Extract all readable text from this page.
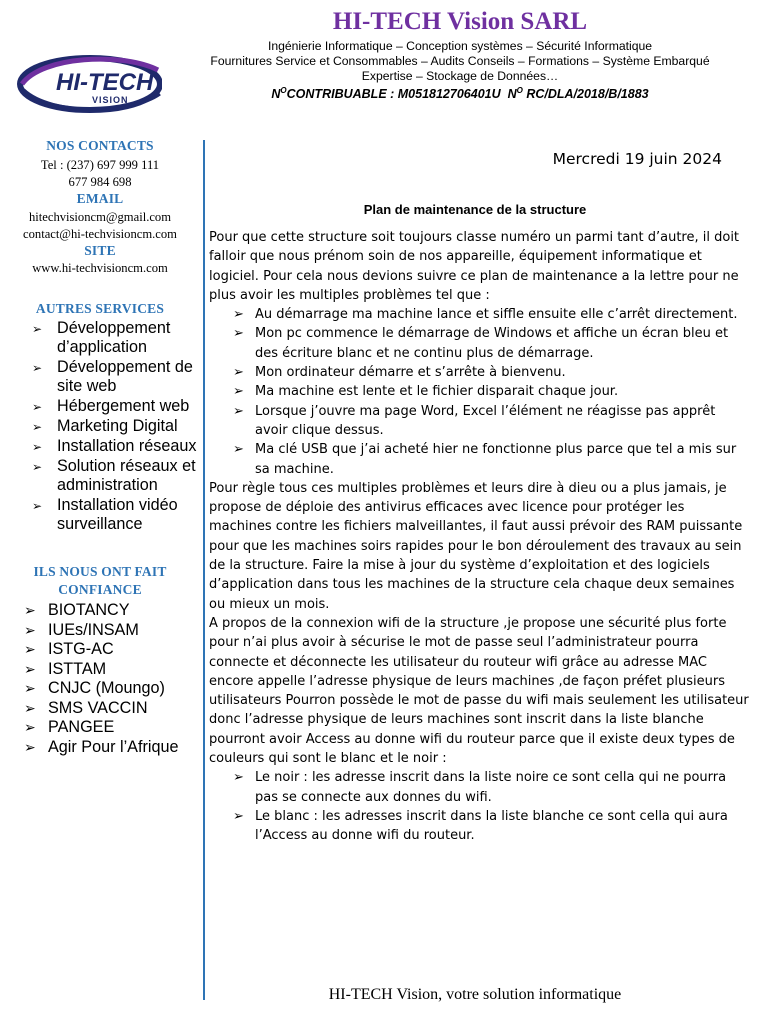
HI-TECH Vision SARL
Ingénierie Informatique – Conception systèmes – Sécurité Informatique
Fournitures Service et Consommables – Audits Conseils – Formations – Système Embarqué
Expertise – Stockage de Données…
$N^OCONTRIBUABLE$ : M051812706401U  $N^O$ RC/DLA/2018/B/1883
HI-TECH
VISION
NOS CONTACTS
Tel : (237) 697 999 111
677 984 698
EMAIL
hitechvisioncm@gmail.com
contact@hi-techvisioncm.com
SITE
www.hi-techvisioncm.com
AUTRES SERVICES
➢ Développement d’application
➢ Développement de site web
➢ Hébergement web
➢ Marketing Digital
➢ Installation réseaux
➢ Solution réseaux et administration
➢ Installation vidéo surveillance
ILS NOUS ONT FAIT
CONFIANCE
➢ BIOTANCY
➢ IUEs/INSAM
➢ ISTG-AC
➢ ISTTAM
➢ CNJC (Moungo)
➢ SMS VACCIN
➢ PANGEE
➢ Agir Pour l’Afrique
Mercredi 19 juin 2024
Plan de maintenance de la structure

Pour que cette structure soit toujours classe numéro un parmi tant d’autre, il doit falloir que nous prénom soin de nos appareille, équipement informatique et logiciel. Pour cela nous devions suivre ce plan de maintenance a la lettre pour ne plus avoir les multiples problèmes tel que :

➢ Au démarrage ma machine lance et siffle ensuite elle c’arrêt directement.
➢ Mon pc commence le démarrage de Windows et affiche un écran bleu et des écriture blanc et ne continu plus de démarrage.
➢ Mon ordinateur démarre et s’arrête à bienvenu.
➢ Ma machine est lente et le fichier disparait chaque jour.
➢ Lorsque j’ouvre ma page Word, Excel l’élément ne réagisse pas apprêt avoir clique dessus.
➢ Ma clé USB que j’ai acheté hier ne fonctionne plus parce que tel a mis sur sa machine.

Pour règle tous ces multiples problèmes et leurs dire à dieu ou a plus jamais, je propose de déploie des antivirus efficaces avec licence pour protéger les machines contre les fichiers malveillantes, il faut aussi prévoir des RAM puissante pour que les machines soirs rapides pour le bon déroulement des travaux au sein de la structure. Faire la mise à jour du système d’exploitation et des logiciels d’application dans tous les machines de la structure cela chaque deux semaines ou mieux un mois.

A propos de la connexion wifi de la structure ,je propose une sécurité plus forte pour n’ai plus avoir à sécurise le mot de passe seul l’administrateur pourra connecte et déconnecte les utilisateur du routeur wifi grâce au adresse MAC encore appelle l’adresse physique de leurs machines ,de façon préfet plusieurs utilisateurs Pourron possède le mot de passe du wifi mais seulement les utilisateur donc l’adresse physique de leurs machines sont inscrit dans la liste blanche pourront avoir Access au donne wifi du routeur parce que il existe deux types de couleurs qui sont le blanc et le noir :

➢ Le noir : les adresse inscrit dans la liste noire ce sont cella qui ne pourra pas se connecte aux donnes du wifi.
➢ Le blanc : les adresses inscrit dans la liste blanche ce sont cella qui aura l’Access au donne wifi du routeur.
HI-TECH Vision, votre solution informatique
